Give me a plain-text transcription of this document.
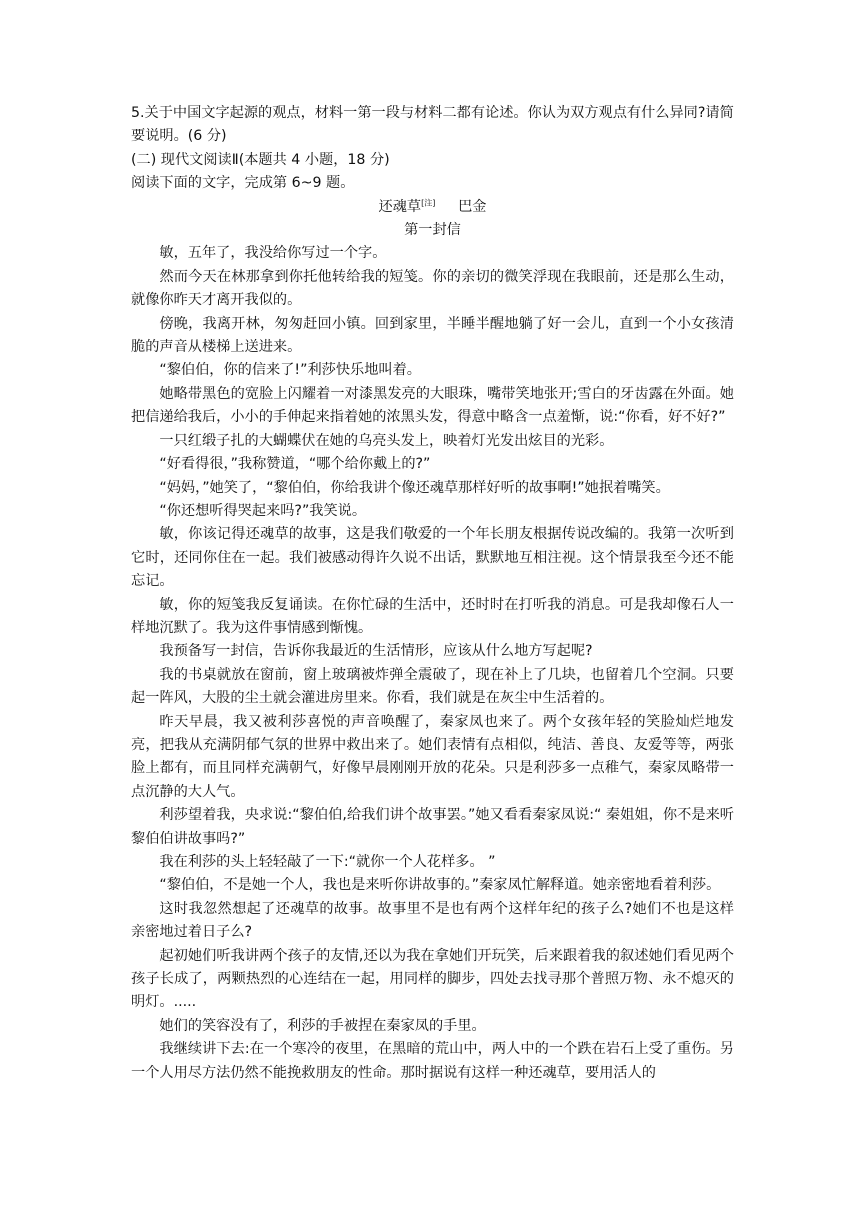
5.关于中国文字起源的观点，材料一第一段与材料二都有论述。你认为双方观点有什么异同?请简要说明。(6 分)

(二) 现代文阅读Ⅱ(本题共 4 小题，18 分)

阅读下面的文字，完成第 6~9 题。

还魂草[注] 巴金

第一封信

敏，五年了，我没给你写过一个字。

然而今天在林那拿到你托他转给我的短笺。你的亲切的微笑浮现在我眼前，还是那么生动，就像你昨天才离开我似的。

傍晚，我离开林，匆匆赶回小镇。回到家里，半睡半醒地躺了好一会儿，直到一个小女孩清脆的声音从楼梯上送进来。

“黎伯伯，你的信来了!”利莎快乐地叫着。

她略带黑色的宽脸上闪耀着一对漆黑发亮的大眼珠，嘴带笑地张开;雪白的牙齿露在外面。她把信递给我后，小小的手伸起来指着她的浓黑头发，得意中略含一点羞惭，说:“你看，好不好?”

一只红缎子扎的大蝴蝶伏在她的乌亮头发上，映着灯光发出炫目的光彩。

“好看得很，”我称赞道，“哪个给你戴上的?”

“妈妈，”她笑了，“黎伯伯，你给我讲个像还魂草那样好听的故事啊!”她抿着嘴笑。

“你还想听得哭起来吗?”我笑说。

敏，你该记得还魂草的故事，这是我们敬爱的一个年长朋友根据传说改编的。我第一次听到它时，还同你住在一起。我们被感动得许久说不出话，默默地互相注视。这个情景我至今还不能忘记。

敏，你的短笺我反复诵读。在你忙碌的生活中，还时时在打听我的消息。可是我却像石人一样地沉默了。我为这件事情感到惭愧。

我预备写一封信，告诉你我最近的生活情形，应该从什么地方写起呢?

我的书桌就放在窗前，窗上玻璃被炸弹全震破了，现在补上了几块，也留着几个空洞。只要起一阵风，大股的尘土就会灌进房里来。你看，我们就是在灰尘中生活着的。

昨天早晨，我又被利莎喜悦的声音唤醒了，秦家凤也来了。两个女孩年轻的笑脸灿烂地发亮，把我从充满阴郁气氛的世界中救出来了。她们表情有点相似，纯洁、善良、友爱等等，两张脸上都有，而且同样充满朝气，好像早晨刚刚开放的花朵。只是利莎多一点稚气，秦家凤略带一点沉静的大人气。

利莎望着我，央求说:“黎伯伯,给我们讲个故事罢。”她又看看秦家凤说:“ 秦姐姐，你不是来听黎伯伯讲故事吗?”

我在利莎的头上轻轻敲了一下:“就你一个人花样多。 ”

“黎伯伯，不是她一个人，我也是来听你讲故事的。”秦家凤忙解释道。她亲密地看着利莎。

这时我忽然想起了还魂草的故事。故事里不是也有两个这样年纪的孩子么?她们不也是这样亲密地过着日子么?

起初她们听我讲两个孩子的友情,还以为我在拿她们开玩笑，后来跟着我的叙述她们看见两个孩子长成了，两颗热烈的心连结在一起，用同样的脚步，四处去找寻那个普照万物、永不熄灭的明灯。.....

她们的笑容没有了，利莎的手被捏在秦家凤的手里。

我继续讲下去:在一个寒冷的夜里，在黑暗的荒山中，两人中的一个跌在岩石上受了重伤。另一个人用尽方法仍然不能挽救朋友的性命。那时据说有这样一种还魂草，要用活人的
